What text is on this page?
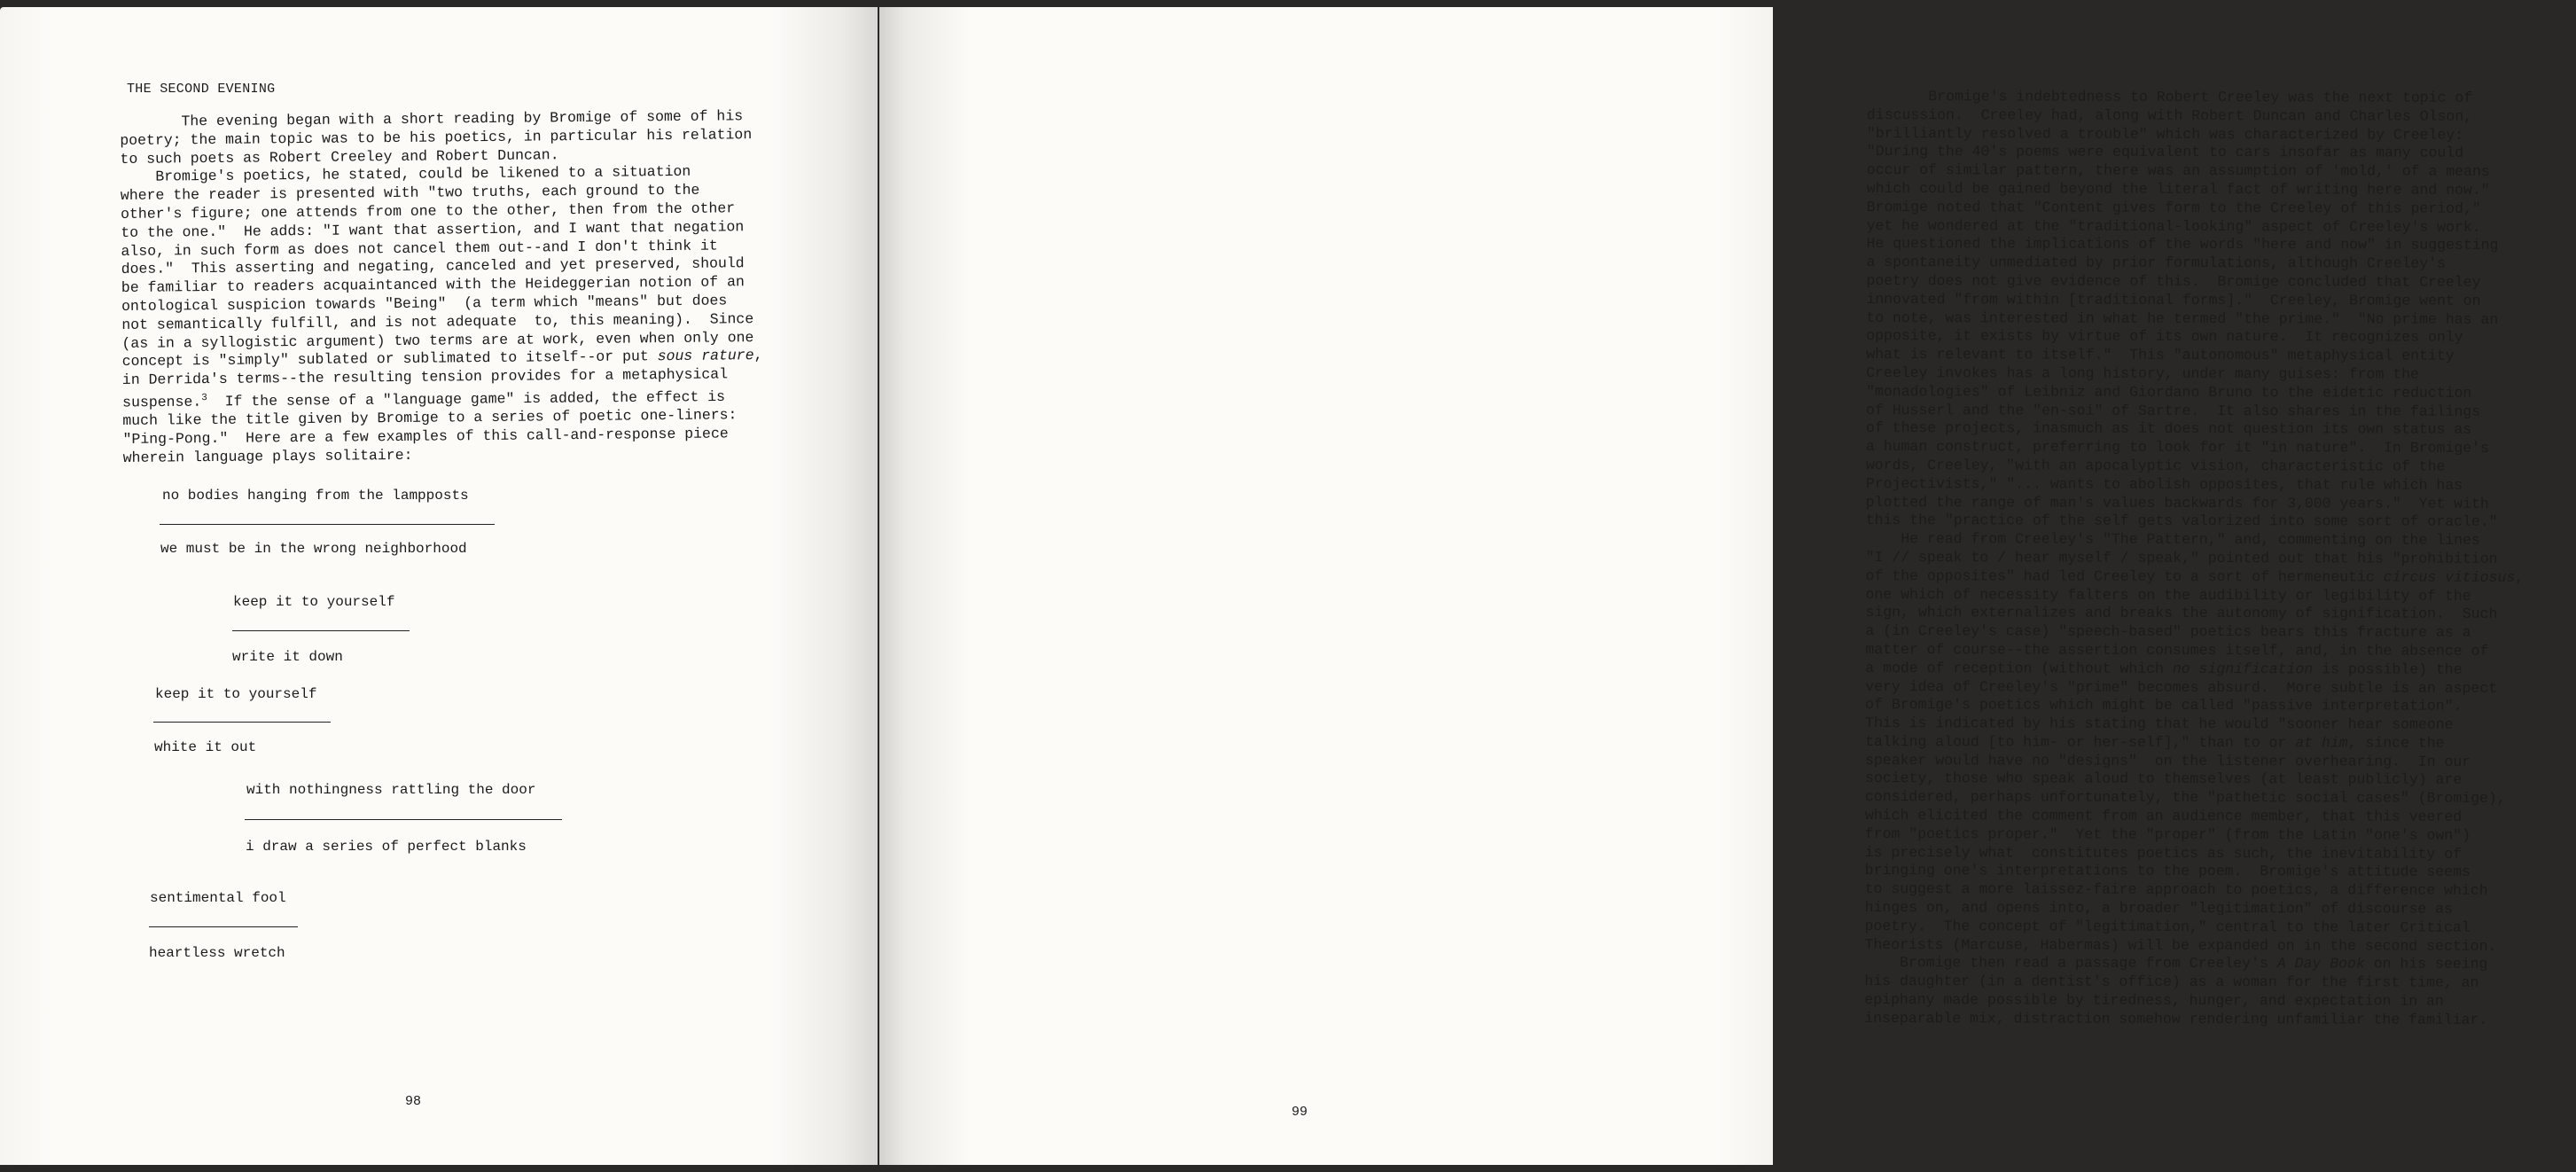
THE SECOND EVENING
The evening began with a short reading by Bromige of some of his
poetry; the main topic was to be his poetics, in particular his relation
to such poets as Robert Creeley and Robert Duncan.
Bromige's poetics, he stated, could be likened to a situation
where the reader is presented with "two truths, each ground to the
other's figure; one attends from one to the other, then from the other
to the one."  He adds: "I want that assertion, and I want that negation
also, in such form as does not cancel them out--and I don't think it
does."  This asserting and negating, canceled and yet preserved, should
be familiar to readers acquaintanced with the Heideggerian notion of an
ontological suspicion towards "Being"  (a term which "means" but does
not semantically fulfill, and is not adequate  to, this meaning).  Since
(as in a syllogistic argument) two terms are at work, even when only one
concept is "simply" sublated or sublimated to itself--or put sous rature,
in Derrida's terms--the resulting tension provides for a metaphysical
suspense.$^3$  If the sense of a "language game" is added, the effect is
much like the title given by Bromige to a series of poetic one-liners:
"Ping-Pong."  Here are a few examples of this call-and-response piece
wherein language plays solitaire:
no bodies hanging from the lampposts
we must be in the wrong neighborhood
keep it to yourself
write it down
keep it to yourself
white it out
with nothingness rattling the door
i draw a series of perfect blanks
sentimental fool
heartless wretch
98
Bromige's indebtedness to Robert Creeley was the next topic of
discussion.  Creeley had, along with Robert Duncan and Charles Olson,
"brilliantly resolved a trouble" which was characterized by Creeley:
"During the 40's poems were equivalent to cars insofar as many could
occur of similar pattern, there was an assumption of 'mold,' of a means
which could be gained beyond the literal fact of writing here and now."
Bromige noted that "Content gives form to the Creeley of this period,"
yet he wondered at the "traditional-looking" aspect of Creeley's work.
He questioned the implications of the words "here and now" in suggesting
a spontaneity unmediated by prior formulations, although Creeley's
poetry does not give evidence of this.  Bromige concluded that Creeley
innovated "from within [traditional forms]."  Creeley, Bromige went on
to note, was interested in what he termed "the prime."  "No prime has an
opposite, it exists by virtue of its own nature.  It recognizes only
what is relevant to itself."  This "autonomous" metaphysical entity
Creeley invokes has a long history, under many guises: from the
"monadologies" of Leibniz and Giordano Bruno to the eidetic reduction
of Husserl and the "en-soi" of Sartre.  It also shares in the failings
of these projects, inasmuch as it does not question its own status as
a human construct, preferring to look for it "in nature".  In Bromige's
words, Creeley, "with an apocalyptic vision, characteristic of the
Projectivists," "... wants to abolish opposites, that rule which has
plotted the range of man's values backwards for 3,000 years."  Yet with
this the "practice of the self gets valorized into some sort of oracle."
He read from Creeley's "The Pattern," and, commenting on the lines
"I // speak to / hear myself / speak," pointed out that his "prohibition
of the opposites" had led Creeley to a sort of hermeneutic circus vitiosus,
one which of necessity falters on the audibility or legibility of the
sign, which externalizes and breaks the autonomy of signification.  Such
a (in Creeley's case) "speech-based" poetics bears this fracture as a
matter of course--the assertion consumes itself, and, in the absence of
a mode of reception (without which no signification is possible) the
very idea of Creeley's "prime" becomes absurd.  More subtle is an aspect
of Bromige's poetics which might be called "passive interpretation".
This is indicated by his stating that he would "sooner hear someone
talking aloud [to him- or her-self]," than to or at him, since the
speaker would have no "designs"  on the listener overhearing.  In our
society, those who speak aloud to themselves (at least publicly) are
considered, perhaps unfortunately, the "pathetic social cases" (Bromige),
which elicited the comment from an audience member, that this veered
from "poetics proper."  Yet the "proper" (from the Latin "one's own")
is precisely what  constitutes poetics as such, the inevitability of
bringing one's interpretations to the poem.  Bromige's attitude seems
to suggest a more laissez-faire approach to poetics, a difference which
hinges on, and opens into, a broader "legitimation" of discourse as
poetry.  The concept of "legitimation," central to the later Critical
Theorists (Marcuse, Habermas) will be expanded on in the second section.
Bromige then read a passage from Creeley's A Day Book on his seeing
his daughter (in a dentist's office) as a woman for the first time, an
epiphany made possible by tiredness, hunger, and expectation in an
inseparable mix, distraction somehow rendering unfamiliar the familiar.
99
